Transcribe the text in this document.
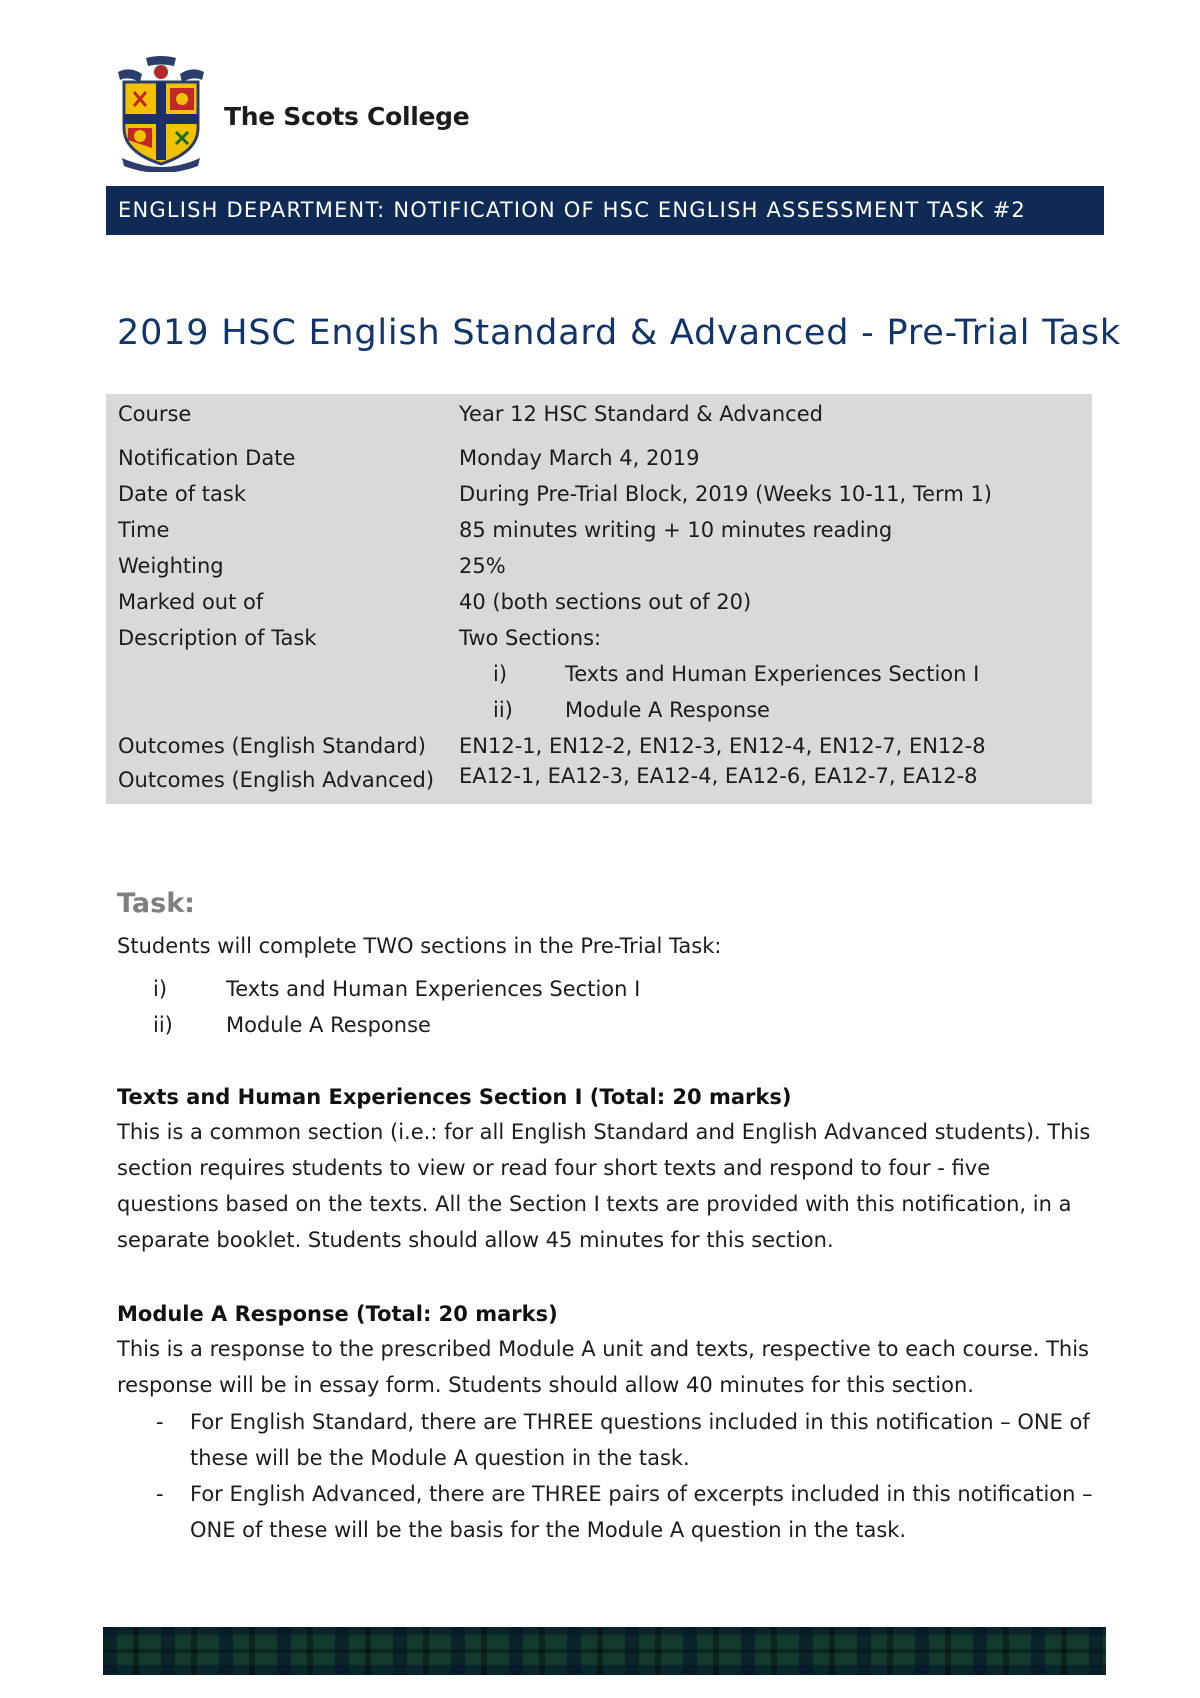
The Scots College
ENGLISH DEPARTMENT: NOTIFICATION OF HSC ENGLISH ASSESSMENT TASK #2
2019 HSC English Standard & Advanced - Pre-Trial Task
Course	Year 12 HSC Standard & Advanced
Notification Date	Monday March 4, 2019
Date of task	During Pre-Trial Block, 2019 (Weeks 10-11, Term 1)
Time	85 minutes writing + 10 minutes reading
Weighting	25%
Marked out of	40 (both sections out of 20)
Description of Task	Two Sections:
i)	Texts and Human Experiences Section I
ii) Module A Response
Outcomes (English Standard) EN12-1, EN12-2, EN12-3, EN12-4, EN12-7, EN12-8
Outcomes (English Advanced) EA12-1, EA12-3, EA12-4, EA12-6, EA12-7, EA12-8
Task:
Students will complete TWO sections in the Pre-Trial Task:
i)	Texts and Human Experiences Section I
ii)	Module A Response
Texts and Human Experiences Section I (Total: 20 marks)
This is a common section (i.e.: for all English Standard and English Advanced students). This section requires students to view or read four short texts and respond to four - five questions based on the texts. All the Section I texts are provided with this notification, in a separate booklet. Students should allow 45 minutes for this section.
Module A Response (Total: 20 marks)
This is a response to the prescribed Module A unit and texts, respective to each course. This response will be in essay form. Students should allow 40 minutes for this section.
- For English Standard, there are THREE questions included in this notification – ONE of these will be the Module A question in the task.
- For English Advanced, there are THREE pairs of excerpts included in this notification – ONE of these will be the basis for the Module A question in the task.
